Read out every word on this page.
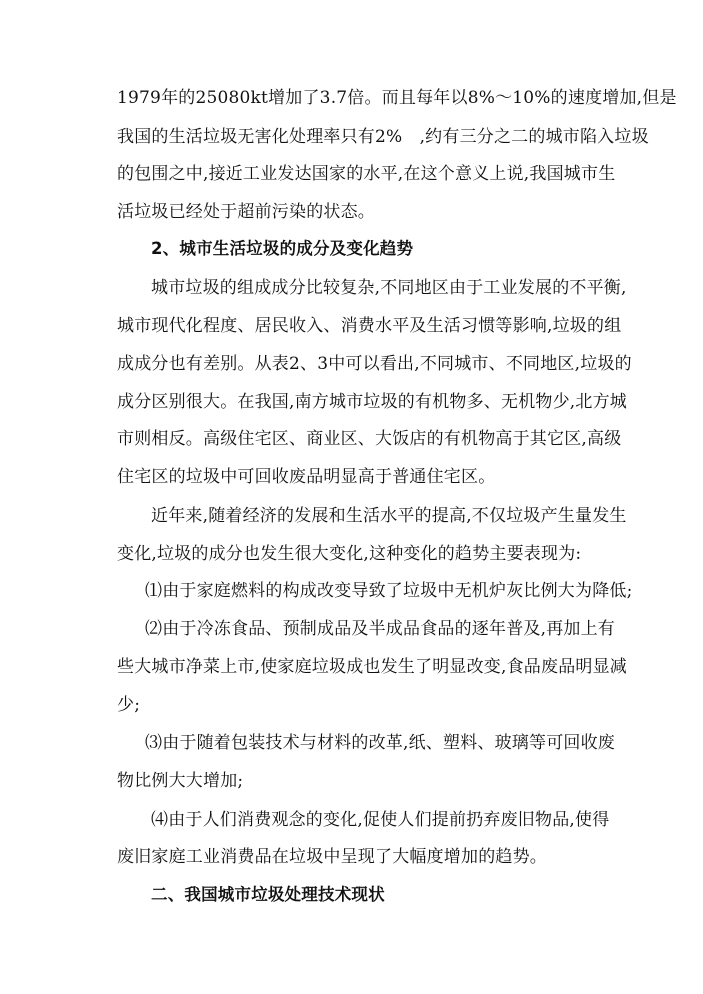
1979年的25080kt增加了3.7倍。而且每年以8%～10%的速度增加,但是
我国的生活垃圾无害化处理率只有2%　,约有三分之二的城市陷入垃圾
的包围之中,接近工业发达国家的水平,在这个意义上说,我国城市生
活垃圾已经处于超前污染的状态。
2、城市生活垃圾的成分及变化趋势
城市垃圾的组成成分比较复杂,不同地区由于工业发展的不平衡,
城市现代化程度、居民收入、消费水平及生活习惯等影响,垃圾的组
成成分也有差别。从表2、3中可以看出,不同城市、不同地区,垃圾的
成分区别很大。在我国,南方城市垃圾的有机物多、无机物少,北方城
市则相反。高级住宅区、商业区、大饭店的有机物高于其它区,高级
住宅区的垃圾中可回收废品明显高于普通住宅区。
近年来,随着经济的发展和生活水平的提高,不仅垃圾产生量发生
变化,垃圾的成分也发生很大变化,这种变化的趋势主要表现为:
⑴由于家庭燃料的构成改变导致了垃圾中无机炉灰比例大为降低;
⑵由于冷冻食品、预制成品及半成品食品的逐年普及,再加上有
些大城市净菜上市,使家庭垃圾成也发生了明显改变,食品废品明显减
少;
⑶由于随着包装技术与材料的改革,纸、塑料、玻璃等可回收废
物比例大大增加;
⑷由于人们消费观念的变化,促使人们提前扔弃废旧物品,使得
废旧家庭工业消费品在垃圾中呈现了大幅度增加的趋势。
二、我国城市垃圾处理技术现状
